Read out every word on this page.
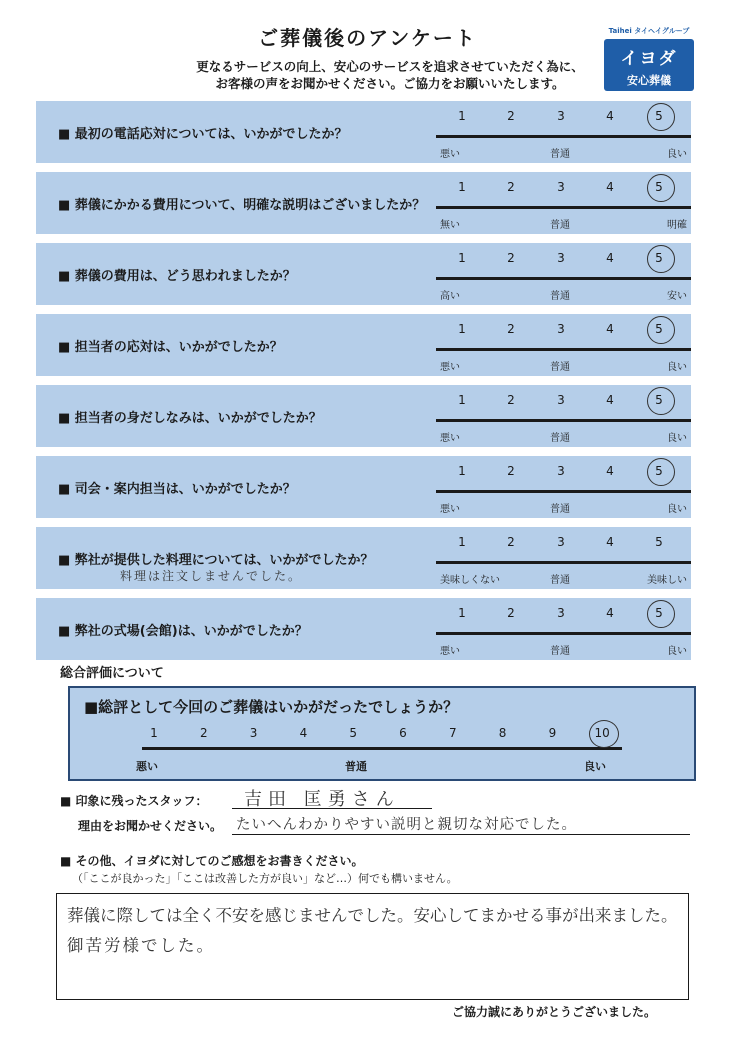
ご葬儀後のアンケート
更なるサービスの向上、安心のサービスを追求させていただく為に、
お客様の声をお聞かせください。ご協力をお願いいたします。
Taihei タイヘイグループ
イヨダ
安心葬儀
■ 最初の電話応対については、いかがでしたか？
1	2	3	4	5
悪い	普通	良い
■ 葬儀にかかる費用について、明確な説明はございましたか？
1	2	3	4	5
無い	普通	明確
■ 葬儀の費用は、どう思われましたか？
1	2	3	4	5
高い	普通	安い
■ 担当者の応対は、いかがでしたか？
1	2	3	4	5
悪い	普通	良い
■ 担当者の身だしなみは、いかがでしたか？
1	2	3	4	5
悪い	普通	良い
■ 司会・案内担当は、いかがでしたか？
1	2	3	4	5
悪い	普通	良い
■ 弊社が提供した料理については、いかがでしたか？
料理は注文しませんでした。
1	2	3	4	5
美味しくない	普通	美味しい
■ 弊社の式場(会館)は、いかがでしたか？
1	2	3	4	5
悪い	普通	良い
総合評価について
■総評として今回のご葬儀はいかがだったでしょうか？
悪い	普通	良い
1	2	3	4	5	6	7	8	9	10
■ 印象に残ったスタッフ： 吉田 匡勇さん
理由をお聞かせください。 たいへんわかりやすい説明と親切な対応でした。
■ その他、イヨダに対してのご感想をお書きください。
（「ここが良かった」「ここは改善した方が良い」など…）何でも構いません。
葬儀に際しては全く不安を感じませんでした。安心してまかせる事が出来ました。
御苦労様でした。
ご協力誠にありがとうございました。
